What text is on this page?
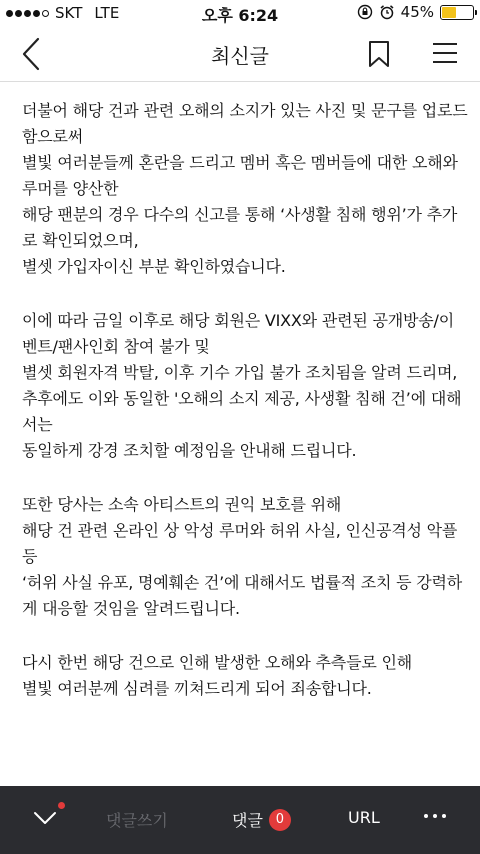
SKT LTE	오후 6:24	45%
최신글
더불어 해당 건과 관련 오해의 소지가 있는 사진 및 문구를 업로드
함으로써
별빛 여러분들께 혼란을 드리고 멤버 혹은 멤버들에 대한 오해와
루머를 양산한
해당 팬분의 경우 다수의 신고를 통해 ‘사생활 침해 행위’가 추가
로 확인되었으며,
별셋 가입자이신 부분 확인하였습니다.
이에 따라 금일 이후로 해당 회원은 VIXX와 관련된 공개방송/이
벤트/팬사인회 참여 불가 및
별셋 회원자격 박탈, 이후 기수 가입 불가 조치됨을 알려 드리며,
추후에도 이와 동일한 '오해의 소지 제공, 사생활 침해 건’에 대해
서는
동일하게 강경 조치할 예정임을 안내해 드립니다.
또한 당사는 소속 아티스트의 권익 보호를 위해
해당 건 관련 온라인 상 악성 루머와 허위 사실, 인신공격성 악플
등
‘허위 사실 유포, 명예훼손 건’에 대해서도 법률적 조치 등 강력하
게 대응할 것임을 알려드립니다.
다시 한번 해당 건으로 인해 발생한 오해와 추측들로 인해
별빛 여러분께 심려를 끼쳐드리게 되어 죄송합니다.
댓글쓰기	댓글 0	URL
